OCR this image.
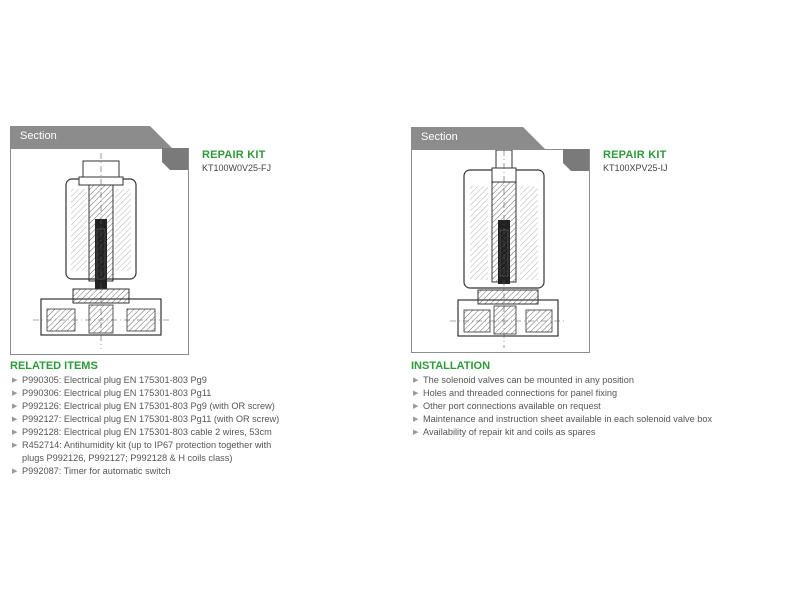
Section
1
REPAIR KIT
KT100W0V25-FJ
Section
2
REPAIR KIT
KT100XPV25-IJ
RELATED ITEMS
▶ P990305: Electrical plug EN 175301-803 Pg9
▶ P990306: Electrical plug EN 175301-803 Pg11
▶ P992126: Electrical plug EN 175301-803 Pg9 (with OR screw)
▶ P992127: Electrical plug EN 175301-803 Pg11 (with OR screw)
▶ P992128: Electrical plug EN 175301-803 cable 2 wires, 53cm
▶ R452714: Antihumidity kit (up to IP67 protection together with
plugs P992126, P992127; P992128 & H coils class)
▶ P992087: Timer for automatic switch
INSTALLATION
▶ The solenoid valves can be mounted in any position
▶ Holes and threaded connections for panel fixing
▶ Other port connections available on request
▶ Maintenance and instruction sheet available in each solenoid valve box
▶ Availability of repair kit and coils as spares
